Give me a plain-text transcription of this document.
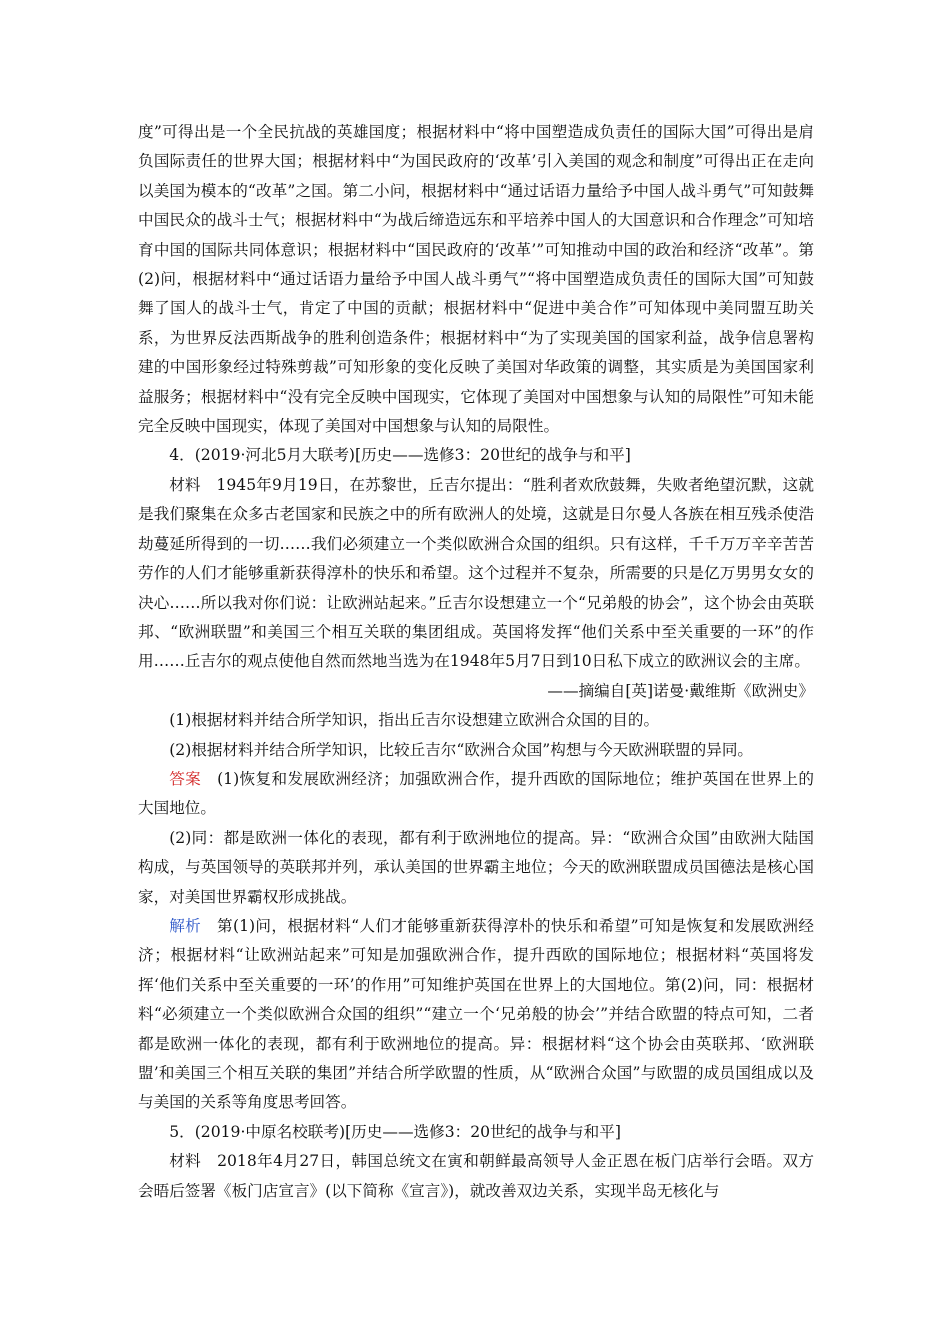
度”可得出是一个全民抗战的英雄国度；根据材料中“将中国塑造成负责任的国际大国”可得出是肩负国际责任的世界大国；根据材料中“为国民政府的‘改革’引入美国的观念和制度”可得出正在走向以美国为模本的“改革”之国。第二小问，根据材料中“通过话语力量给予中国人战斗勇气”可知鼓舞中国民众的战斗士气；根据材料中“为战后缔造远东和平培养中国人的大国意识和合作理念”可知培育中国的国际共同体意识；根据材料中“国民政府的‘改革’”可知推动中国的政治和经济“改革”。第(2)问，根据材料中“通过话语力量给予中国人战斗勇气”“将中国塑造成负责任的国际大国”可知鼓舞了国人的战斗士气，肯定了中国的贡献；根据材料中“促进中美合作”可知体现中美同盟互助关系，为世界反法西斯战争的胜利创造条件；根据材料中“为了实现美国的国家利益，战争信息署构建的中国形象经过特殊剪裁”可知形象的变化反映了美国对华政策的调整，其实质是为美国国家利益服务；根据材料中“没有完全反映中国现实，它体现了美国对中国想象与认知的局限性”可知未能完全反映中国现实，体现了美国对中国想象与认知的局限性。

4．(2019·河北5月大联考)[历史——选修3：20世纪的战争与和平]

材料　1945年9月19日，在苏黎世，丘吉尔提出：“胜利者欢欣鼓舞，失败者绝望沉默，这就是我们聚集在众多古老国家和民族之中的所有欧洲人的处境，这就是日尔曼人各族在相互残杀使浩劫蔓延所得到的一切……我们必须建立一个类似欧洲合众国的组织。只有这样，千千万万辛辛苦苦劳作的人们才能够重新获得淳朴的快乐和希望。这个过程并不复杂，所需要的只是亿万男男女女的决心……所以我对你们说：让欧洲站起来。”丘吉尔设想建立一个“兄弟般的协会”，这个协会由英联邦、“欧洲联盟”和美国三个相互关联的集团组成。英国将发挥“他们关系中至关重要的一环”的作用……丘吉尔的观点使他自然而然地当选为在1948年5月7日到10日私下成立的欧洲议会的主席。

——摘编自[英]诺曼·戴维斯《欧洲史》

(1)根据材料并结合所学知识，指出丘吉尔设想建立欧洲合众国的目的。

(2)根据材料并结合所学知识，比较丘吉尔“欧洲合众国”构想与今天欧洲联盟的异同。

答案　(1)恢复和发展欧洲经济；加强欧洲合作，提升西欧的国际地位；维护英国在世界上的大国地位。

(2)同：都是欧洲一体化的表现，都有利于欧洲地位的提高。异：“欧洲合众国”由欧洲大陆国构成，与英国领导的英联邦并列，承认美国的世界霸主地位；今天的欧洲联盟成员国德法是核心国家，对美国世界霸权形成挑战。

解析　第(1)问，根据材料“人们才能够重新获得淳朴的快乐和希望”可知是恢复和发展欧洲经济；根据材料“让欧洲站起来”可知是加强欧洲合作，提升西欧的国际地位；根据材料“英国将发挥‘他们关系中至关重要的一环’的作用”可知维护英国在世界上的大国地位。第(2)问，同：根据材料“必须建立一个类似欧洲合众国的组织”“建立一个‘兄弟般的协会’”并结合欧盟的特点可知，二者都是欧洲一体化的表现，都有利于欧洲地位的提高。异：根据材料“这个协会由英联邦、‘欧洲联盟’和美国三个相互关联的集团”并结合所学欧盟的性质，从“欧洲合众国”与欧盟的成员国组成以及与美国的关系等角度思考回答。

5．(2019·中原名校联考)[历史——选修3：20世纪的战争与和平]

材料　2018年4月27日，韩国总统文在寅和朝鲜最高领导人金正恩在板门店举行会晤。双方会晤后签署《板门店宣言》(以下简称《宣言》)，就改善双边关系，实现半岛无核化与
